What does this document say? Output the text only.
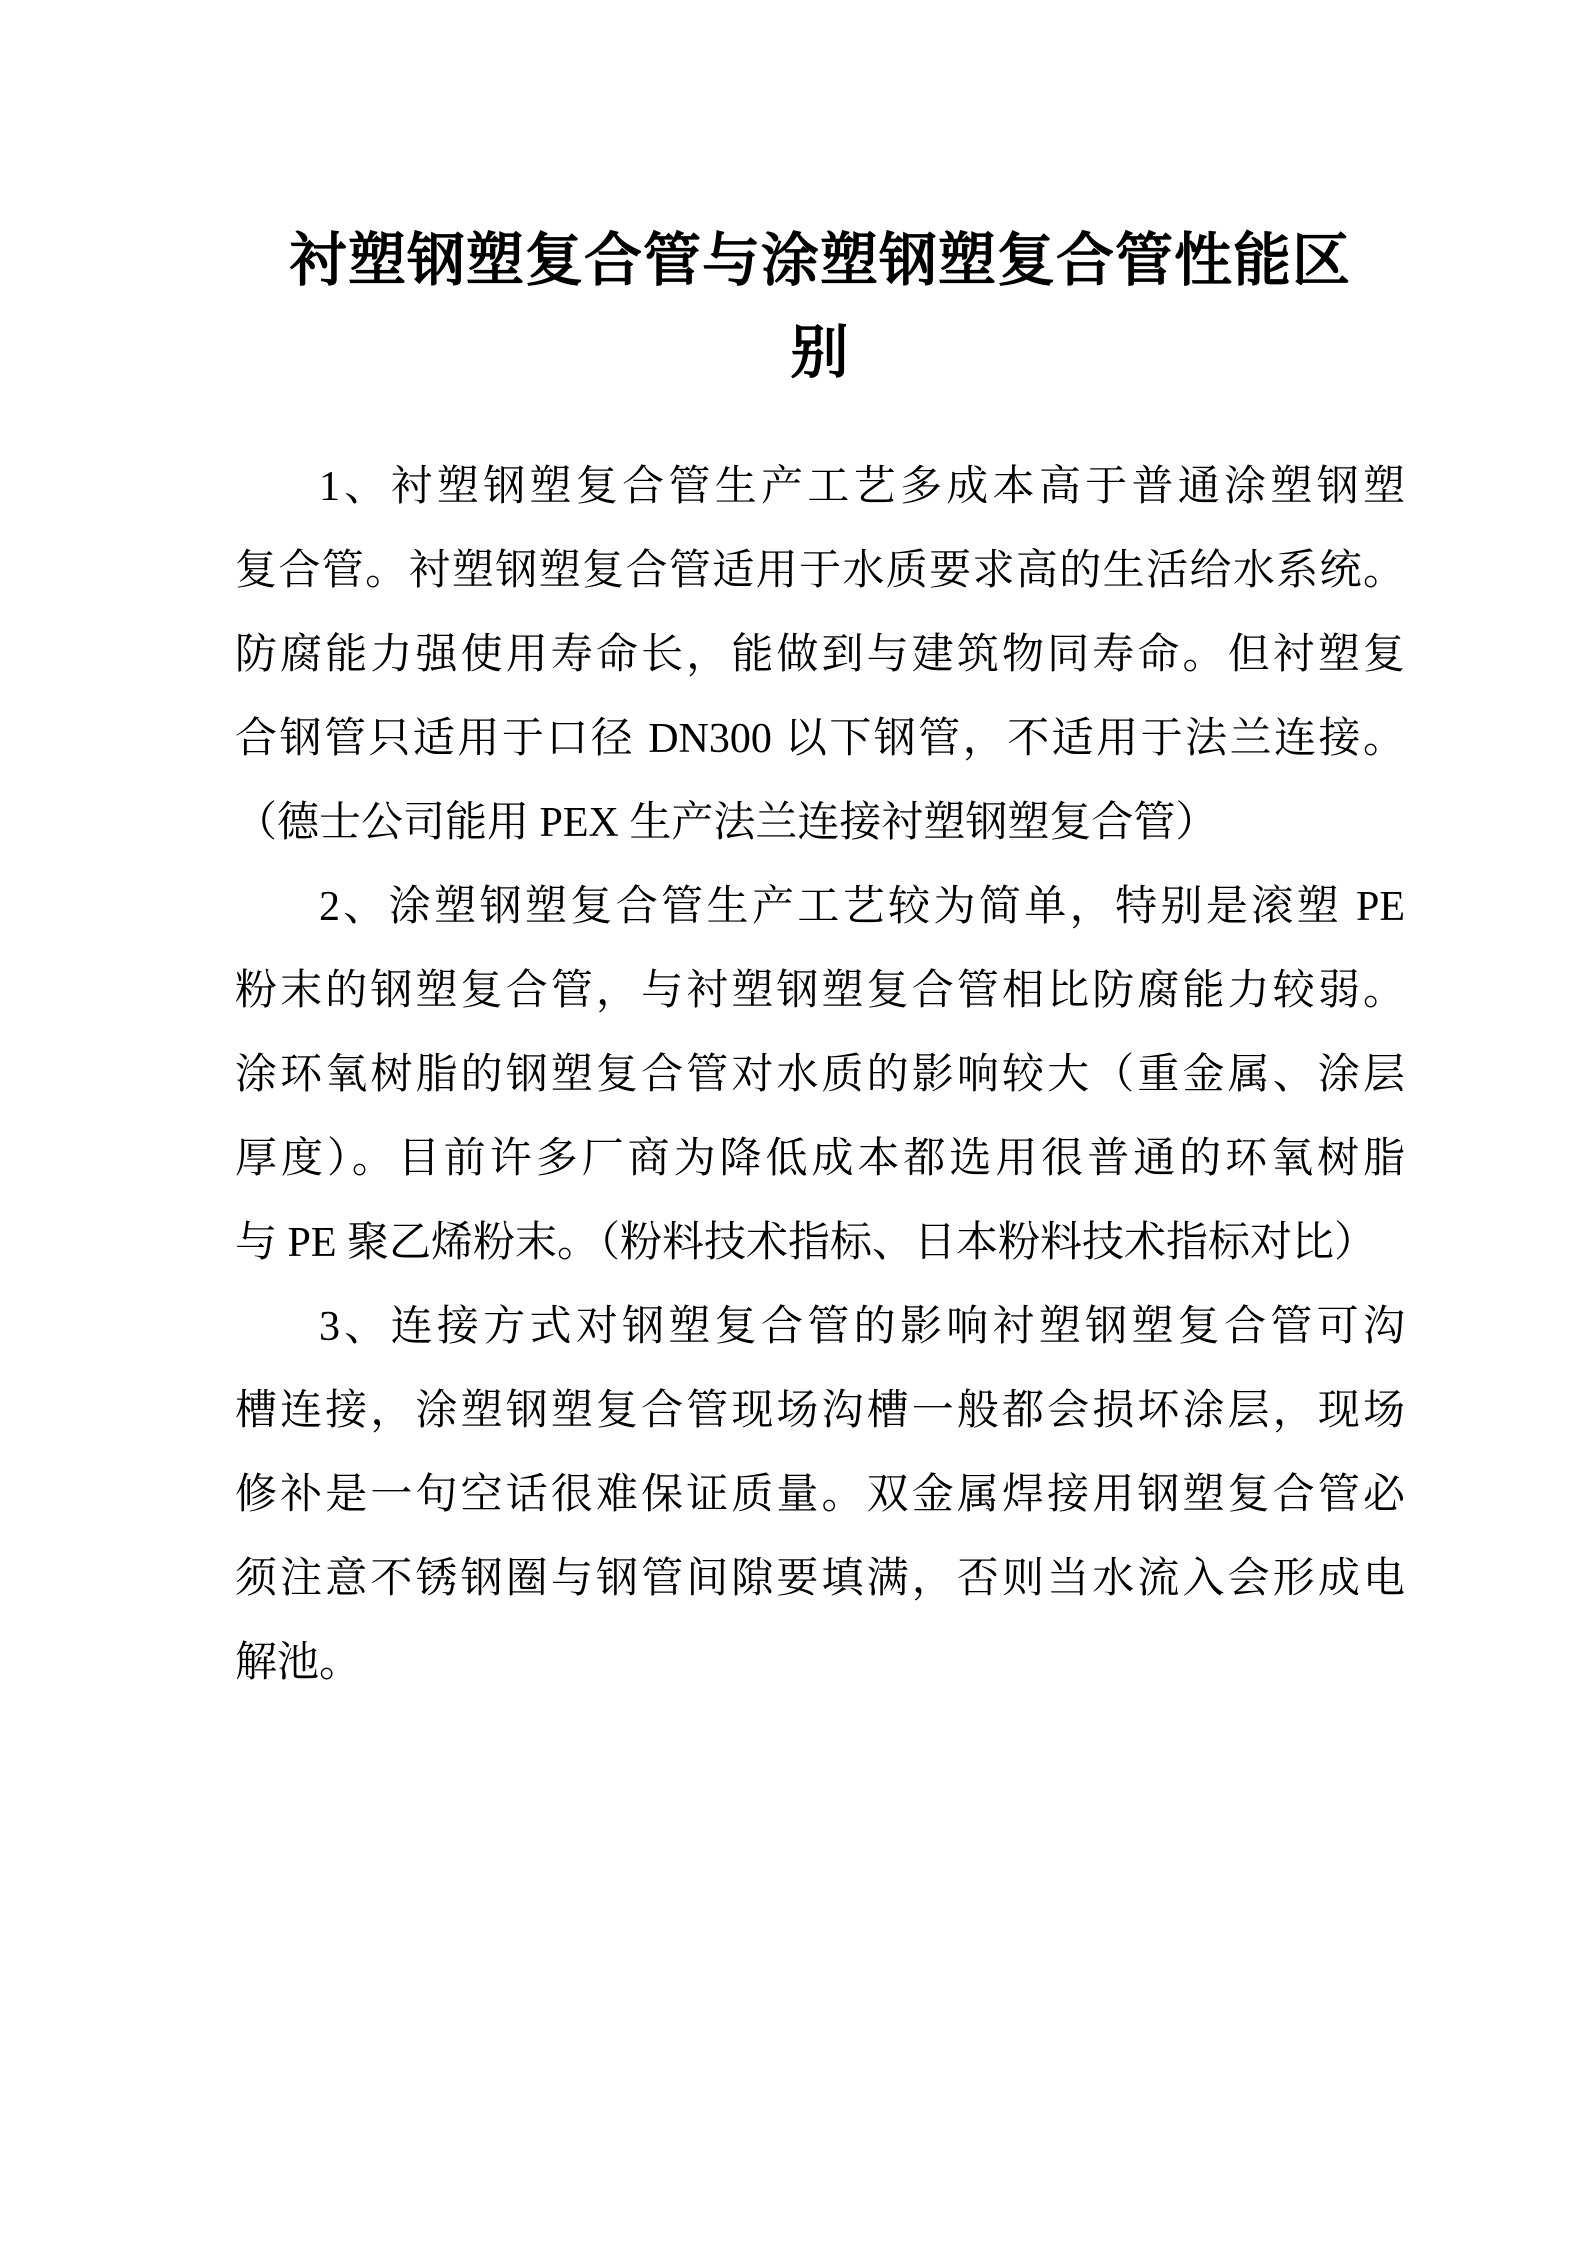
衬塑钢塑复合管与涂塑钢塑复合管性能区
别
1、衬塑钢塑复合管生产工艺多成本高于普通涂塑钢塑
复合管。衬塑钢塑复合管适用于水质要求高的生活给水系统。
防腐能力强使用寿命长，能做到与建筑物同寿命。但衬塑复
合钢管只适用于口径 DN300 以下钢管，不适用于法兰连接。
（德士公司能用 PEX 生产法兰连接衬塑钢塑复合管）
2、涂塑钢塑复合管生产工艺较为简单，特别是滚塑 PE
粉末的钢塑复合管，与衬塑钢塑复合管相比防腐能力较弱。
涂环氧树脂的钢塑复合管对水质的影响较大（重金属、涂层
厚度）。目前许多厂商为降低成本都选用很普通的环氧树脂
与 PE 聚乙烯粉末。（粉料技术指标、日本粉料技术指标对比）
3、连接方式对钢塑复合管的影响衬塑钢塑复合管可沟
槽连接，涂塑钢塑复合管现场沟槽一般都会损坏涂层，现场
修补是一句空话很难保证质量。双金属焊接用钢塑复合管必
须注意不锈钢圈与钢管间隙要填满，否则当水流入会形成电
解池。
